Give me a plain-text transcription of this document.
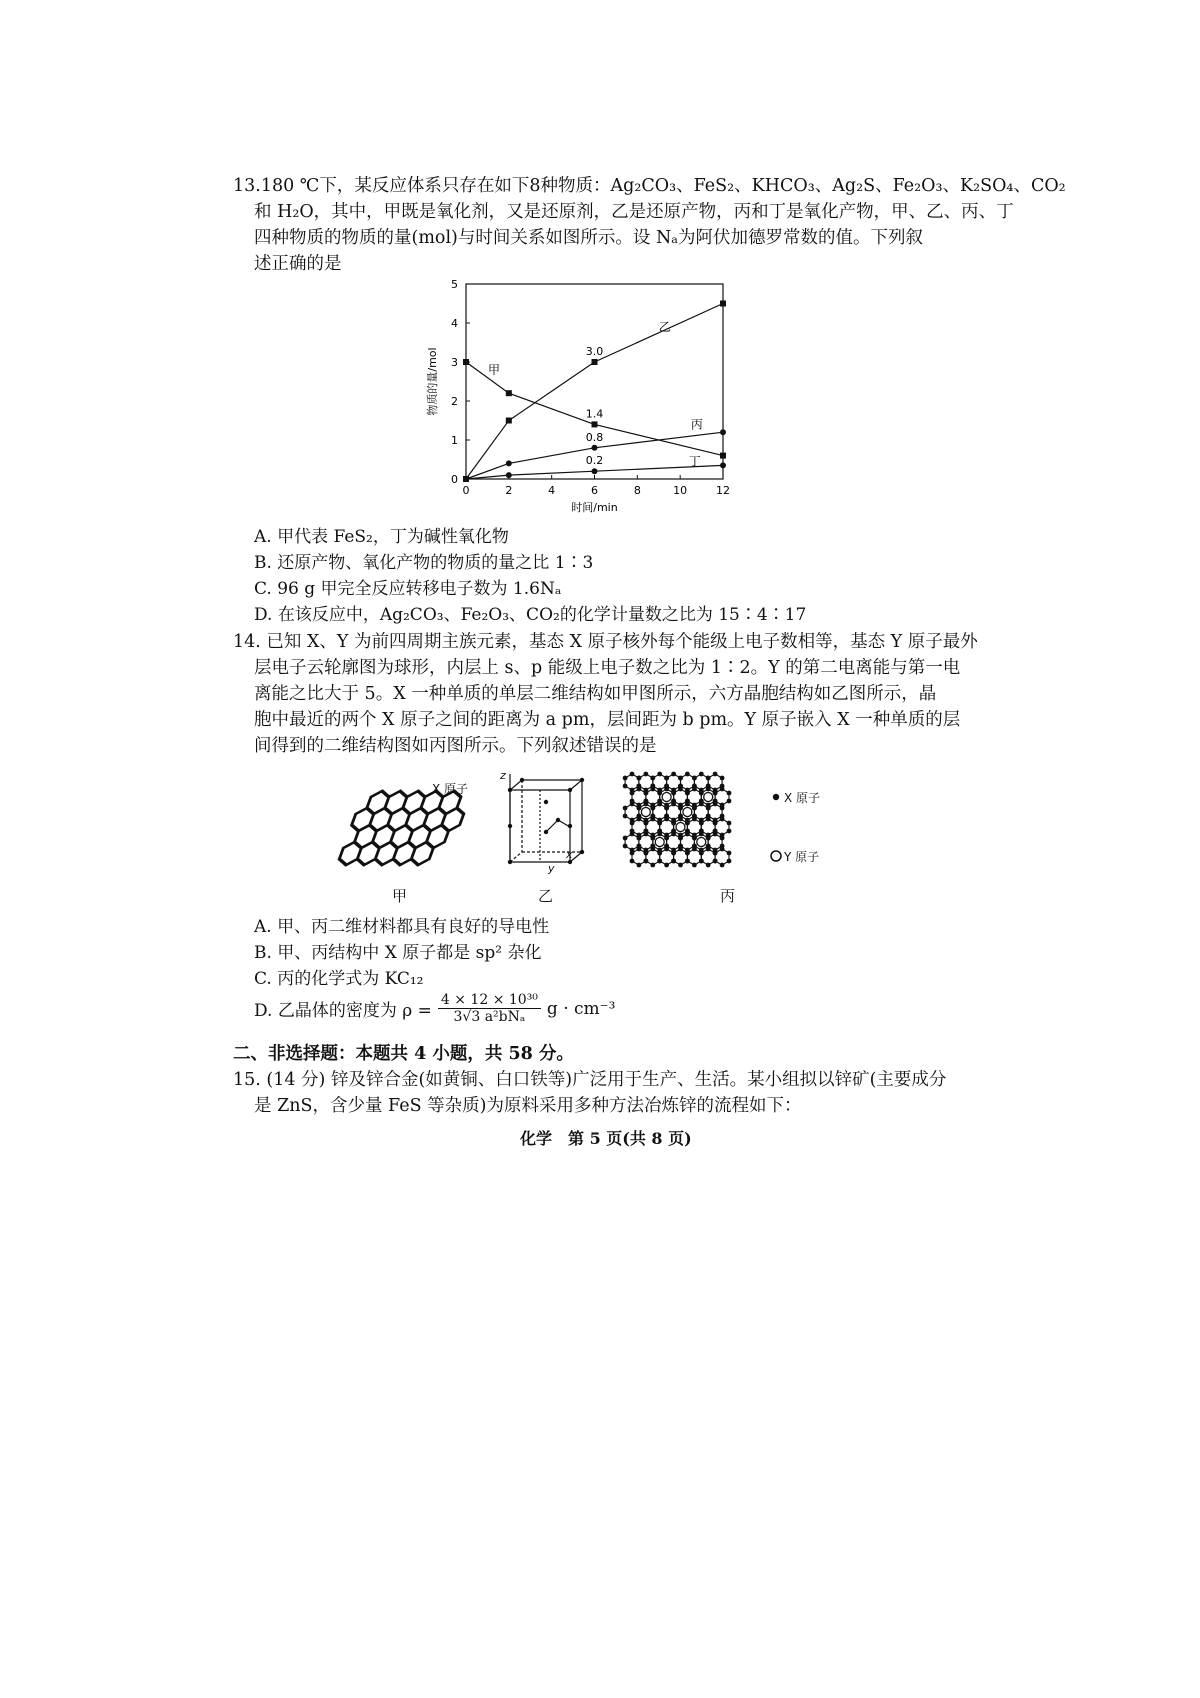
13.180 ℃下，某反应体系只存在如下8种物质：Ag₂CO₃、FeS₂、KHCO₃、Ag₂S、Fe₂O₃、K₂SO₄、CO₂
和 H₂O，其中，甲既是氧化剂，又是还原剂，乙是还原产物，丙和丁是氧化产物，甲、乙、丙、丁
四种物质的物质的量(mol)与时间关系如图所示。设 Nₐ为阿伏加德罗常数的值。下列叙
述正确的是
0	2	4	6	8	10	12
0
1
2
3
4
5
时间/min
物质的量/mol	甲
乙
丙
丁
3.0
1.4
0.8
0.2
A. 甲代表 FeS₂，丁为碱性氧化物
B. 还原产物、氧化产物的物质的量之比 1∶3
C. 96 g 甲完全反应转移电子数为 1.6Nₐ
D. 在该反应中，Ag₂CO₃、Fe₂O₃、CO₂的化学计量数之比为 15∶4∶17
14. 已知 X、Y 为前四周期主族元素，基态 X 原子核外每个能级上电子数相等，基态 Y 原子最外
层电子云轮廓图为球形，内层上 s、p 能级上电子数之比为 1∶2。Y 的第二电离能与第一电
离能之比大于 5。X 一种单质的单层二维结构如甲图所示，六方晶胞结构如乙图所示，晶
胞中最近的两个 X 原子之间的距离为 a pm，层间距为 b pm。Y 原子嵌入 X 一种单质的层
间得到的二维结构图如丙图所示。下列叙述错误的是
X 原子
甲
z
x
y
乙	丙
X 原子
Y 原子
A. 甲、丙二维材料都具有良好的导电性
B. 甲、丙结构中 X 原子都是 sp² 杂化
C. 丙的化学式为 KC₁₂
D. 乙晶体的密度为 $\rho = \frac{\text{4 × 12 × 10³⁰}}{\text{3√3 a²bNₐ}}$ g · cm⁻³
二、非选择题：本题共 4 小题，共 58 分。
15. (14 分) 锌及锌合金(如黄铜、白口铁等)广泛用于生产、生活。某小组拟以锌矿(主要成分
是 ZnS，含少量 FeS 等杂质)为原料采用多种方法冶炼锌的流程如下：
化学　第 5 页(共 8 页)
